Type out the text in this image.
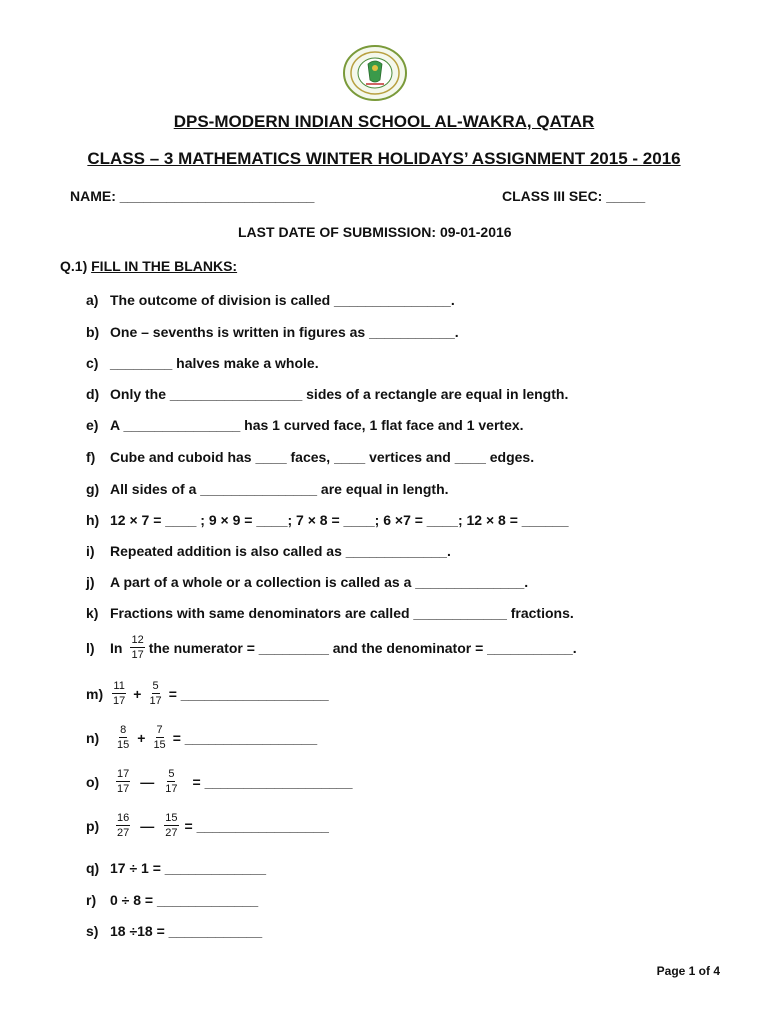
DPS-MODERN INDIAN SCHOOL AL-WAKRA, QATAR
CLASS – 3 MATHEMATICS WINTER HOLIDAYS’ ASSIGNMENT 2015 - 2016
NAME: _________________________	CLASS III SEC: _____
LAST DATE OF SUBMISSION: 09-01-2016
Q.1) FILL IN THE BLANKS:
a) The outcome of division is called _______________.
b) One – sevenths is written in figures as ___________.
c) ________ halves make a whole.
d) Only the _________________ sides of a rectangle are equal in length.
e) A _______________ has 1 curved face, 1 flat face and 1 vertex.
f)	Cube and cuboid has ____ faces, ____ vertices and ____ edges.
g) All sides of a _______________ are equal in length.
h) 12 × 7 = ____ ; 9 × 9 = ____; 7 × 8 = ____; 6 ×7 = ____; 12 × 8 = ______
i)	Repeated addition is also called as _____________.
j)	A part of a whole or a collection is called as a ______________.
k) Fractions with same denominators are called ____________ fractions.
l)	In $\frac{12}{17}$ the numerator = _________ and the denominator = ___________.
$m) \frac{11}{17} + \frac{5}{17}$ = ___________________
n)	$\frac{8}{15} + \frac{7}{15}$ = _________________
o)	$\frac{17}{17}$ — $\frac{5}{17}$ = ___________________
p)	$\frac{16}{27}$ — $\frac{15}{27}$ = _________________
q) 17 ÷ 1 = _____________
r) 0 ÷ 8 = _____________
s) 18 ÷18 = ____________
Page 1 of 4
